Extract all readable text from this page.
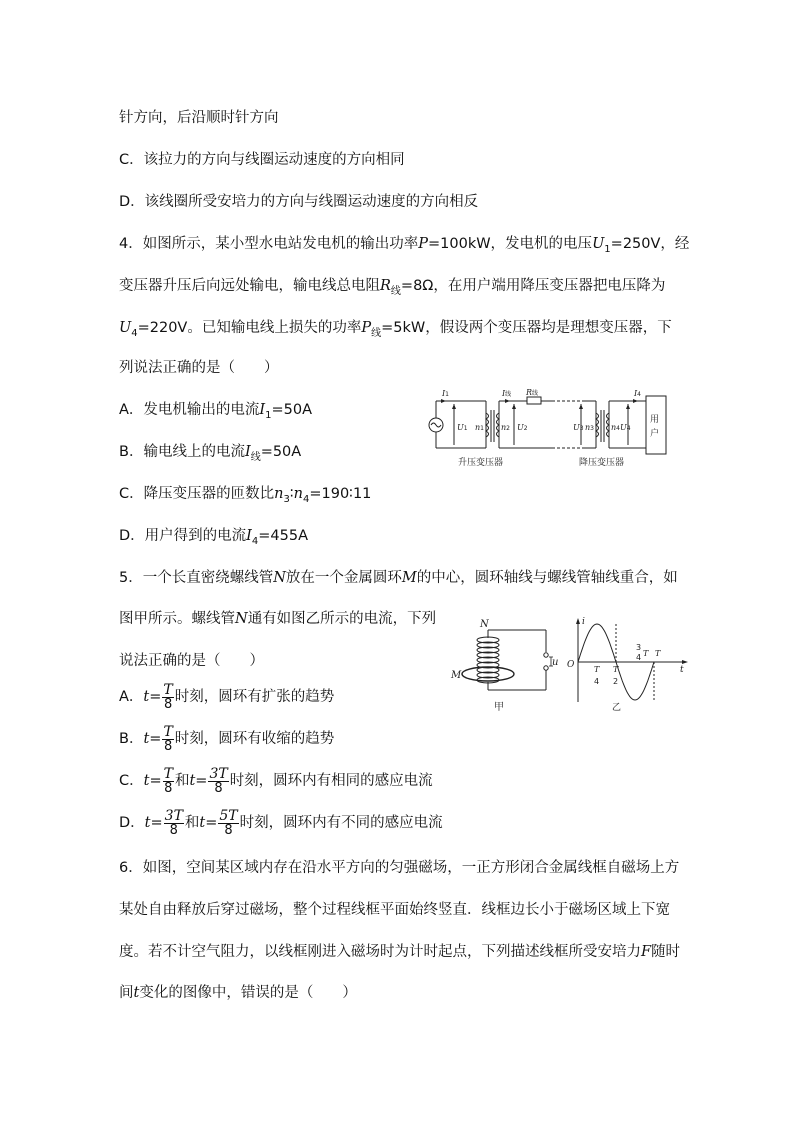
针方向，后沿顺时针方向
C．该拉力的方向与线圈运动速度的方向相同
D．该线圈所受安培力的方向与线圈运动速度的方向相反
4．如图所示，某小型水电站发电机的输出功率P=100kW，发电机的电压$U_1=250V$，经
变压器升压后向远处输电，输电线总电阻$R_线=8\Omega$，在用户端用降压变压器把电压降为
$U_4=220V$。已知输电线上损失的功率$P_线=5kW$，假设两个变压器均是理想变压器，下
列说法正确的是（　　）
A．发电机输出的电流$I_1=50A$
B．输电线上的电流$I_线=50A$
C．降压变压器的匝数比$n_3∶n_4=190∶11$
D．用户得到的电流$I_4=455A$
I1	I线 R线	I4
U1 n1 n2 U2	U3 n3 n4 U4
用
户
升压变压器	降压变压器
5．一个长直密绕螺线管N放在一个金属圆环M的中心，圆环轴线与螺线管轴线重合，如
图甲所示。螺线管N通有如图乙所示的电流，下列
说法正确的是（　　）
A．$t= \frac{T}{8}$ 时刻，圆环有扩张的趋势
B．$t= \frac{T}{8}$ 时刻，圆环有收缩的趋势
C．$t= \frac{T}{8}$ 和$t= \frac{3T}{8}$ 时刻，圆环内有相同的感应电流
D．$t= \frac{3T}{8}$ 和$t= \frac{5T}{8}$ 时刻，圆环内有不同的感应电流
N
M
u
甲
i
O	t
T
4
T
2
3
4 T T
乙
6．如图，空间某区域内存在沿水平方向的匀强磁场，一正方形闭合金属线框自磁场上方
某处自由释放后穿过磁场，整个过程线框平面始终竖直．线框边长小于磁场区域上下宽
度。若不计空气阻力，以线框刚进入磁场时为计时起点，下列描述线框所受安培力F随时
间t变化的图像中，错误的是（　　）
